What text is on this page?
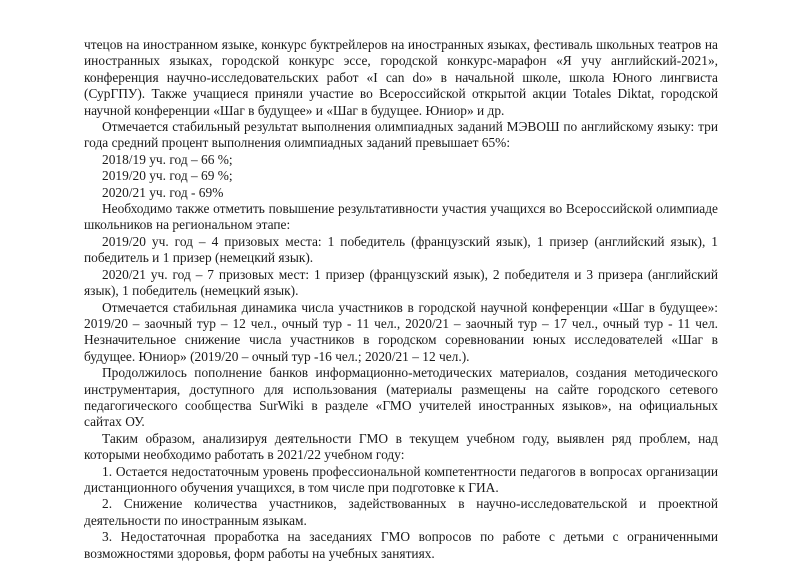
чтецов на иностранном языке, конкурс буктрейлеров на иностранных языках, фестиваль школьных театров на иностранных языках, городской конкурс эссе, городской конкурс-марафон «Я учу английский-2021», конференция научно-исследовательских работ «I can do» в начальной школе, школа Юного лингвиста (СурГПУ). Также учащиеся приняли участие во Всероссийской открытой акции Totales Diktat, городской научной конференции «Шаг в будущее» и «Шаг в будущее. Юниор» и др.

Отмечается стабильный результат выполнения олимпиадных заданий МЭВОШ по английскому языку: три года средний процент выполнения олимпиадных заданий превышает 65%:

2018/19 уч. год – 66 %;

2019/20 уч. год – 69 %;

2020/21 уч. год - 69%

Необходимо также отметить повышение результативности участия учащихся во Всероссийской олимпиаде школьников на региональном этапе:

2019/20 уч. год – 4 призовых места: 1 победитель (французский язык), 1 призер (английский язык), 1 победитель и 1 призер (немецкий язык).

2020/21 уч. год – 7 призовых мест: 1 призер (французский язык), 2 победителя и 3 призера (английский язык), 1 победитель (немецкий язык).

Отмечается стабильная динамика числа участников в городской научной конференции «Шаг в будущее»: 2019/20 – заочный тур – 12 чел., очный тур - 11 чел., 2020/21 – заочный тур – 17 чел., очный тур - 11 чел. Незначительное снижение числа участников в городском соревновании юных исследователей «Шаг в будущее. Юниор» (2019/20 – очный тур -16 чел.; 2020/21 – 12 чел.).

Продолжилось пополнение банков информационно-методических материалов, создания методического инструментария, доступного для использования (материалы размещены на сайте городского сетевого педагогического сообщества SurWiki в разделе «ГМО учителей иностранных языков», на официальных сайтах ОУ.

Таким образом, анализируя деятельности ГМО в текущем учебном году, выявлен ряд проблем, над которыми необходимо работать в 2021/22 учебном году:

1. Остается недостаточным уровень профессиональной компетентности педагогов в вопросах организации дистанционного обучения учащихся, в том числе при подготовке к ГИА.

2. Снижение количества участников, задействованных в научно-исследовательской и проектной деятельности по иностранным языкам.

3. Недостаточная проработка на заседаниях ГМО вопросов по работе с детьми с ограниченными возможностями здоровья, форм работы на учебных занятиях.
